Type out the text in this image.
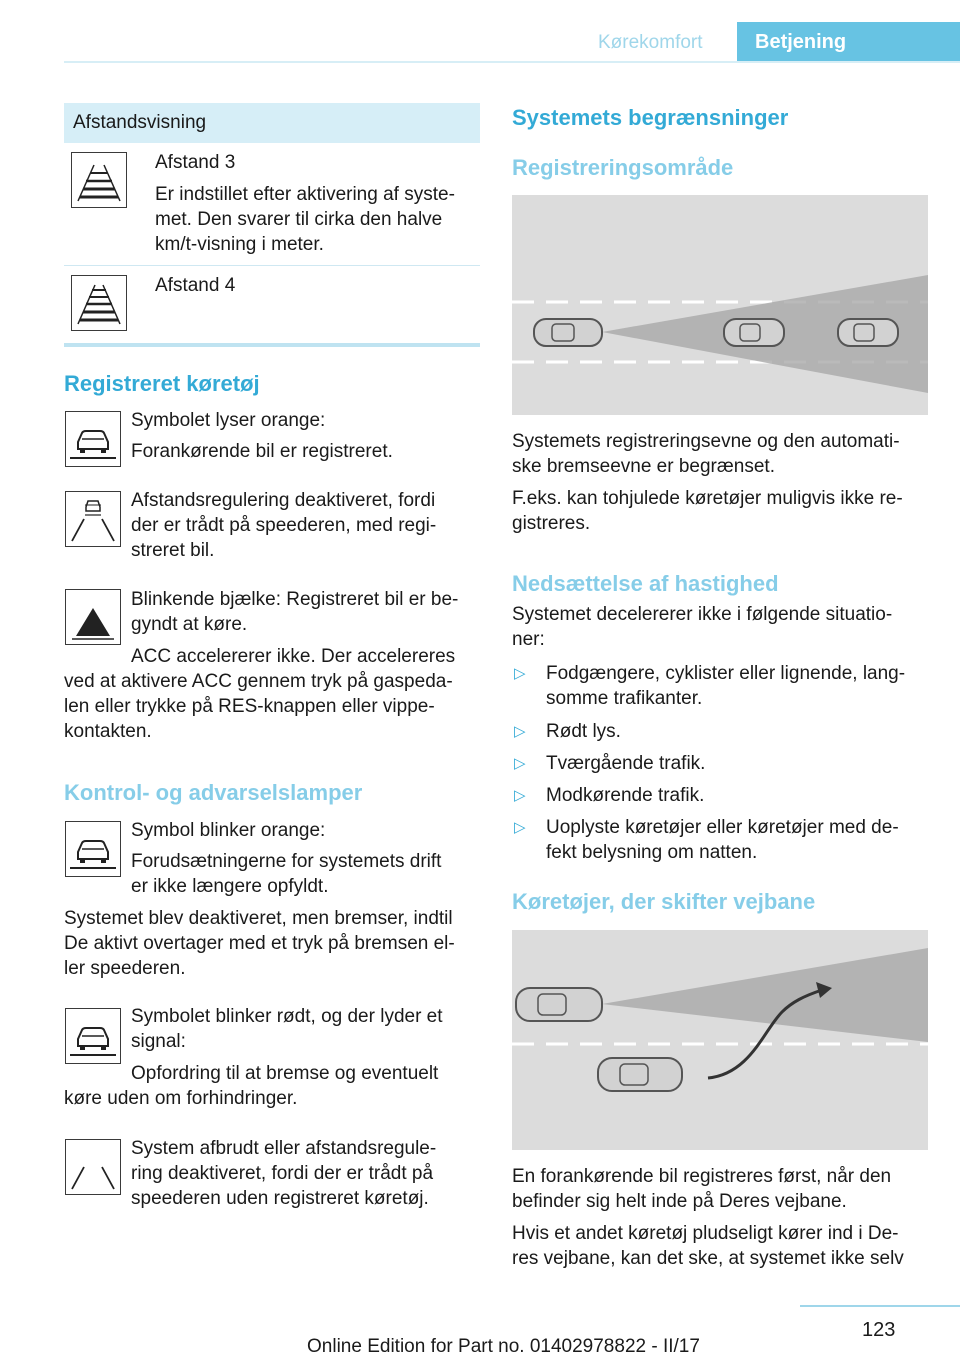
Kørekomfort	Betjening
Afstandsvisning
Afstand 3
Er indstillet efter aktivering af syste-
met. Den svarer til cirka den halve
km/t-visning i meter.
Afstand 4
Registreret køretøj
Symbolet lyser orange:
Forankørende bil er registreret.
Afstandsregulering deaktiveret, fordi
der er trådt på speederen, med regi-
streret bil.
Blinkende bjælke: Registreret bil er be-
gyndt at køre.
ACC accelererer ikke. Der accelereres
ved at aktivere ACC gennem tryk på gaspeda-
len eller trykke på RES-knappen eller vippe-
kontakten.
Kontrol- og advarselslamper
Symbol blinker orange:
Forudsætningerne for systemets drift
er ikke længere opfyldt.
Systemet blev deaktiveret, men bremser, indtil
De aktivt overtager med et tryk på bremsen el-
ler speederen.
Symbolet blinker rødt, og der lyder et
signal:
Opfordring til at bremse og eventuelt
køre uden om forhindringer.
System afbrudt eller afstandsregule-
ring deaktiveret, fordi der er trådt på
speederen uden registreret køretøj.
Systemets begrænsninger
Registreringsområde
Systemets registreringsevne og den automati-
ske bremseevne er begrænset.
F.eks. kan tohjulede køretøjer muligvis ikke re-
gistreres.
Nedsættelse af hastighed
Systemet decelererer ikke i følgende situatio-
ner:
▷ Fodgængere, cyklister eller lignende, lang-
somme trafikanter.
▷ Rødt lys.
▷ Tværgående trafik.
▷ Modkørende trafik.
▷ Uoplyste køretøjer eller køretøjer med de-
fekt belysning om natten.
Køretøjer, der skifter vejbane
En forankørende bil registreres først, når den
befinder sig helt inde på Deres vejbane.
Hvis et andet køretøj pludseligt kører ind i De-
res vejbane, kan det ske, at systemet ikke selv
123
Online Edition for Part no. 01402978822 - II/17
